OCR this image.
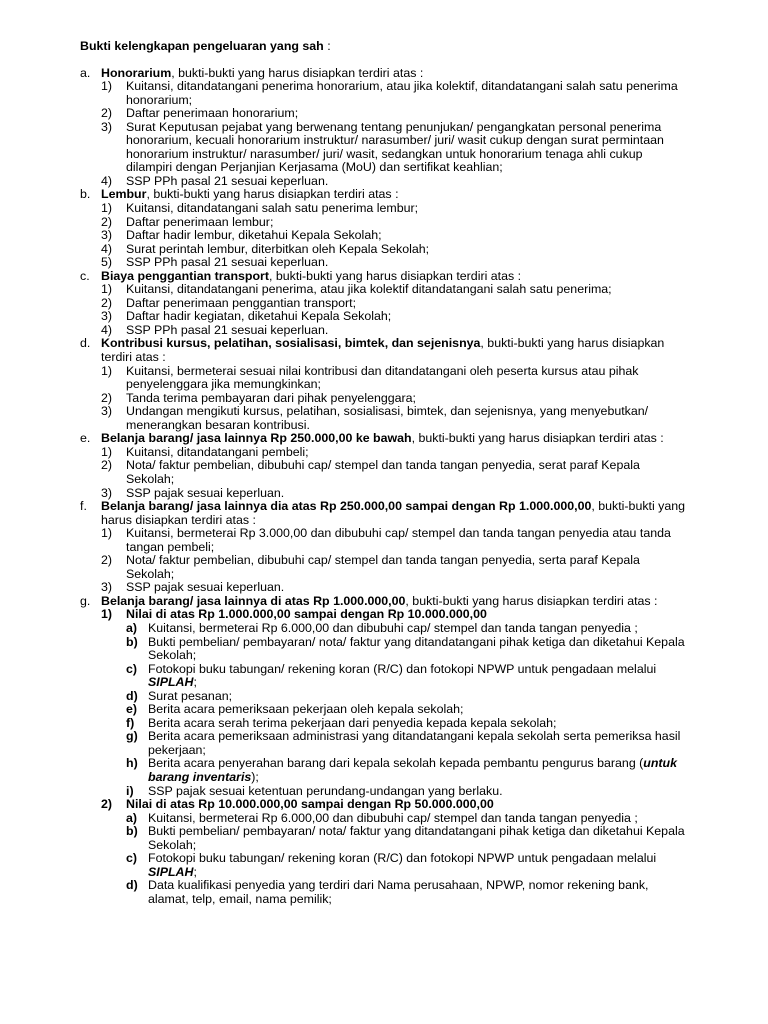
Bukti kelengkapan pengeluaran yang sah :
a. Honorarium, bukti-bukti yang harus disiapkan terdiri atas :
1)	Kuitansi, ditandatangani penerima honorarium, atau jika kolektif, ditandatangani salah satu penerima honorarium;
2)	Daftar penerimaan honorarium;
3)	Surat Keputusan pejabat yang berwenang tentang penunjukan/ pengangkatan personal penerima honorarium, kecuali honorarium instruktur/ narasumber/ juri/ wasit cukup dengan surat permintaan honorarium instruktur/ narasumber/ juri/ wasit, sedangkan untuk honorarium tenaga ahli cukup dilampiri dengan Perjanjian Kerjasama (MoU) dan sertifikat keahlian;
4)	SSP PPh pasal 21 sesuai keperluan.
b. Lembur, bukti-bukti yang harus disiapkan terdiri atas :
1)	Kuitansi, ditandatangani salah satu penerima lembur;
2)	Daftar penerimaan lembur;
3)	Daftar hadir lembur, diketahui Kepala Sekolah;
4)	Surat perintah lembur, diterbitkan oleh Kepala Sekolah;
5)	SSP PPh pasal 21 sesuai keperluan.
c. Biaya penggantian transport, bukti-bukti yang harus disiapkan terdiri atas :
1)	Kuitansi, ditandatangani penerima, atau jika kolektif ditandatangani salah satu penerima;
2)	Daftar penerimaan penggantian transport;
3)	Daftar hadir kegiatan, diketahui Kepala Sekolah;
4)	SSP PPh pasal 21 sesuai keperluan.
d. Kontribusi kursus, pelatihan, sosialisasi, bimtek, dan sejenisnya, bukti-bukti yang harus disiapkan terdiri atas :
1)	Kuitansi, bermeterai sesuai nilai kontribusi dan ditandatangani oleh peserta kursus atau pihak penyelenggara jika memungkinkan;
2)	Tanda terima pembayaran dari pihak penyelenggara;
3)	Undangan mengikuti kursus, pelatihan, sosialisasi, bimtek, dan sejenisnya, yang menyebutkan/ menerangkan besaran kontribusi.
e. Belanja barang/ jasa lainnya Rp 250.000,00 ke bawah, bukti-bukti yang harus disiapkan terdiri atas :
1)	Kuitansi, ditandatangani pembeli;
2)	Nota/ faktur pembelian, dibubuhi cap/ stempel dan tanda tangan penyedia, serat paraf Kepala Sekolah;
3)	SSP pajak sesuai keperluan.
f.	Belanja barang/ jasa lainnya dia atas Rp 250.000,00 sampai dengan Rp 1.000.000,00, bukti-bukti yang harus disiapkan terdiri atas :
1)	Kuitansi, bermeterai Rp 3.000,00 dan dibubuhi cap/ stempel dan tanda tangan penyedia atau tanda tangan pembeli;
2)	Nota/ faktur pembelian, dibubuhi cap/ stempel dan tanda tangan penyedia, serta paraf Kepala Sekolah;
3)	SSP pajak sesuai keperluan.
g. Belanja barang/ jasa lainnya di atas Rp 1.000.000,00, bukti-bukti yang harus disiapkan terdiri atas :
1)	Nilai di atas Rp 1.000.000,00 sampai dengan Rp 10.000.000,00
a) Kuitansi, bermeterai Rp 6.000,00 dan dibubuhi cap/ stempel dan tanda tangan penyedia ;
b) Bukti pembelian/ pembayaran/ nota/ faktur yang ditandatangani pihak ketiga dan diketahui Kepala Sekolah;
c) Fotokopi buku tabungan/ rekening koran (R/C) dan fotokopi NPWP untuk pengadaan melalui SIPLAH;
d) Surat pesanan;
e) Berita acara pemeriksaan pekerjaan oleh kepala sekolah;
f)	Berita acara serah terima pekerjaan dari penyedia kepada kepala sekolah;
g) Berita acara pemeriksaan administrasi yang ditandatangani kepala sekolah serta pemeriksa hasil pekerjaan;
h) Berita acara penyerahan barang dari kepala sekolah kepada pembantu pengurus barang (untuk barang inventaris);
i)	SSP pajak sesuai ketentuan perundang-undangan yang berlaku.
2)	Nilai di atas Rp 10.000.000,00 sampai dengan Rp 50.000.000,00
a) Kuitansi, bermeterai Rp 6.000,00 dan dibubuhi cap/ stempel dan tanda tangan penyedia ;
b) Bukti pembelian/ pembayaran/ nota/ faktur yang ditandatangani pihak ketiga dan diketahui Kepala Sekolah;
c) Fotokopi buku tabungan/ rekening koran (R/C) dan fotokopi NPWP untuk pengadaan melalui SIPLAH;
d) Data kualifikasi penyedia yang terdiri dari Nama perusahaan, NPWP, nomor rekening bank, alamat, telp, email, nama pemilik;
